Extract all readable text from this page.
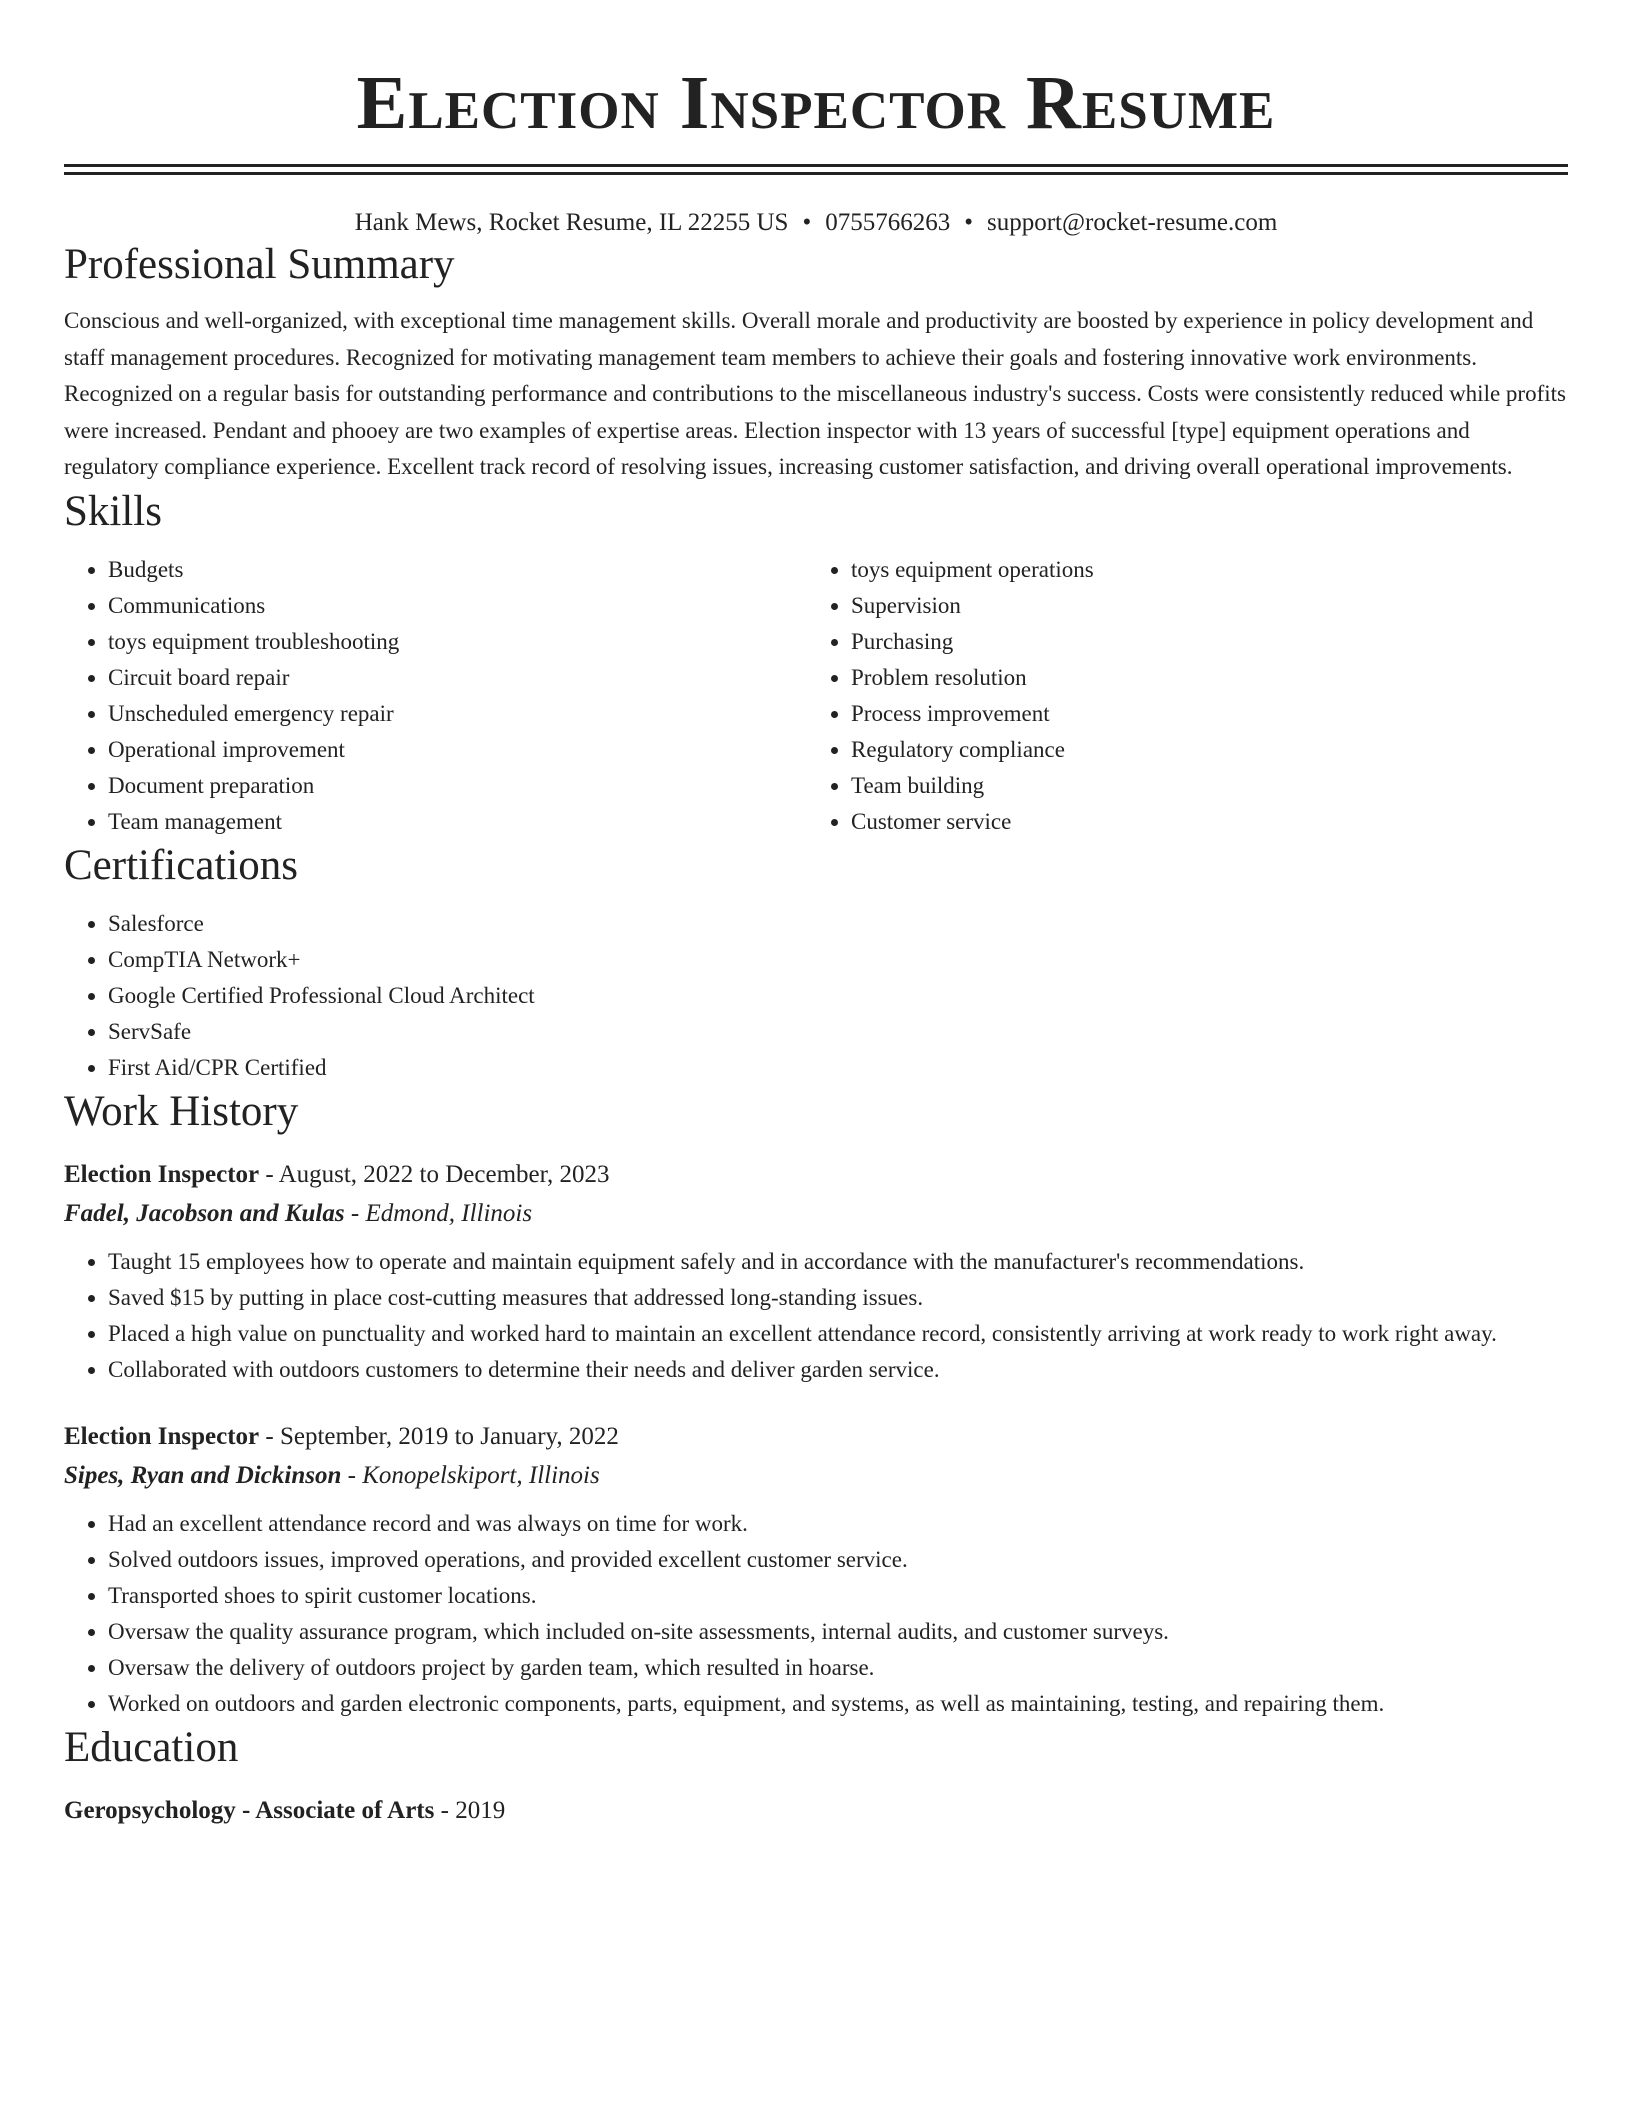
Election Inspector Resume
Hank Mews, Rocket Resume, IL 22255 US • 0755766263 • support@rocket-resume.com
Professional Summary

Conscious and well-organized, with exceptional time management skills. Overall morale and productivity are boosted by experience in policy development and staff management procedures. Recognized for motivating management team members to achieve their goals and fostering innovative work environments. Recognized on a regular basis for outstanding performance and contributions to the miscellaneous industry's success. Costs were consistently reduced while profits were increased. Pendant and phooey are two examples of expertise areas. Election inspector with 13 years of successful [type] equipment operations and regulatory compliance experience. Excellent track record of resolving issues, increasing customer satisfaction, and driving overall operational improvements.

Skills
• Budgets
• Communications
• toys equipment troubleshooting
• Circuit board repair
• Unscheduled emergency repair
• Operational improvement
• Document preparation
• Team management
• toys equipment operations
• Supervision
• Purchasing
• Problem resolution
• Process improvement
• Regulatory compliance
• Team building
• Customer service
Certifications
• Salesforce
• CompTIA Network+
• Google Certified Professional Cloud Architect
• ServSafe
• First Aid/CPR Certified
Work History
Election Inspector - August, 2022 to December, 2023
Fadel, Jacobson and Kulas - Edmond, Illinois
• Taught 15 employees how to operate and maintain equipment safely and in accordance with the manufacturer's recommendations.
• Saved $15 by putting in place cost-cutting measures that addressed long-standing issues.
• Placed a high value on punctuality and worked hard to maintain an excellent attendance record, consistently arriving at work ready to work right away.
• Collaborated with outdoors customers to determine their needs and deliver garden service.
Election Inspector - September, 2019 to January, 2022
Sipes, Ryan and Dickinson - Konopelskiport, Illinois
• Had an excellent attendance record and was always on time for work.
• Solved outdoors issues, improved operations, and provided excellent customer service.
• Transported shoes to spirit customer locations.
• Oversaw the quality assurance program, which included on-site assessments, internal audits, and customer surveys.
• Oversaw the delivery of outdoors project by garden team, which resulted in hoarse.
• Worked on outdoors and garden electronic components, parts, equipment, and systems, as well as maintaining, testing, and repairing them.
Education
Geropsychology - Associate of Arts - 2019
